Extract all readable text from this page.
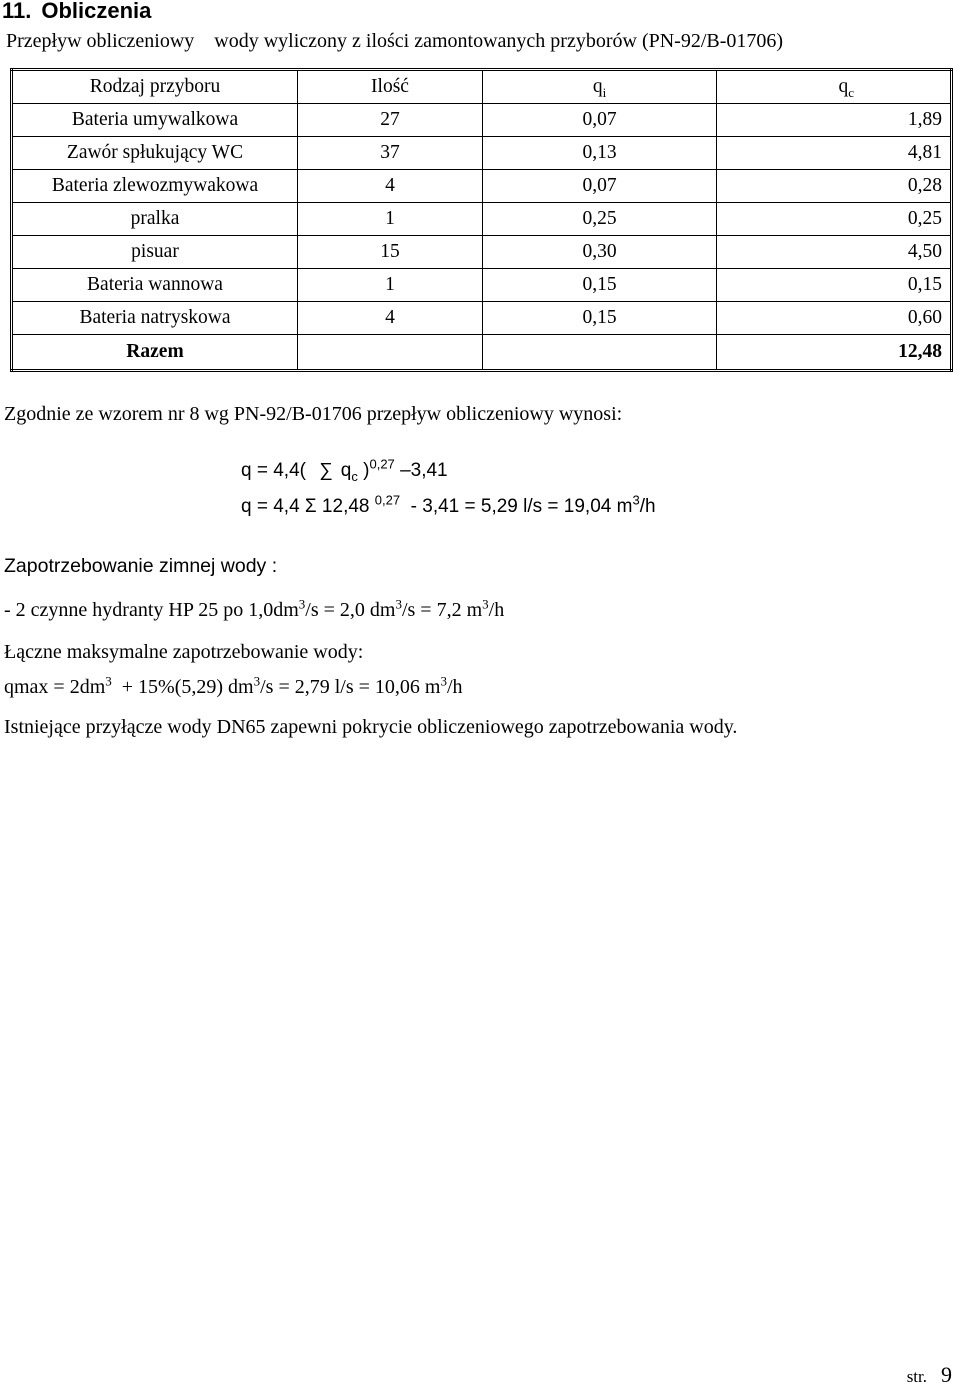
11. Obliczenia
Przepływ obliczeniowy wody wyliczony z ilości zamontowanych przyborów (PN-92/B-01706)
Rodzaj przyboru	Ilość	$q_i$	$q_c$
Bateria umywalkowa	27	0,07	1,89
Zawór spłukujący WC	37	0,13	4,81
Bateria zlewozmywakowa	4	0,07	0,28
pralka	1	0,25	0,25
pisuar	15	0,30	4,50
Bateria wannowa	1	0,15	0,15
Bateria natryskowa	4	0,15	0,60
Razem			12,48

Zgodnie ze wzorem nr 8 wg PN-92/B-01706 przepływ obliczeniowy wynosi:

q = 4,4( ∑ $q_c$ )$^{0,27}$ –3,41

q = 4,4 Σ 12,48 $^{0,27}$ - 3,41 = 5,29 l/s = 19,04 $m^3/h$

Zapotrzebowanie zimnej wody :

- 2 czynne hydranty HP 25 po $1,0dm^3/s = 2,0$ $dm^3/s = 7,2$ $m^3/h$

Łączne maksymalne zapotrzebowanie wody:

$qmax = 2dm^3 + 15\%(5,29) dm^3/s = 2,79$ l/s = 10,06 $m^3/h$

Istniejące przyłącze wody DN65 zapewni pokrycie obliczeniowego zapotrzebowania wody.

str. 9
